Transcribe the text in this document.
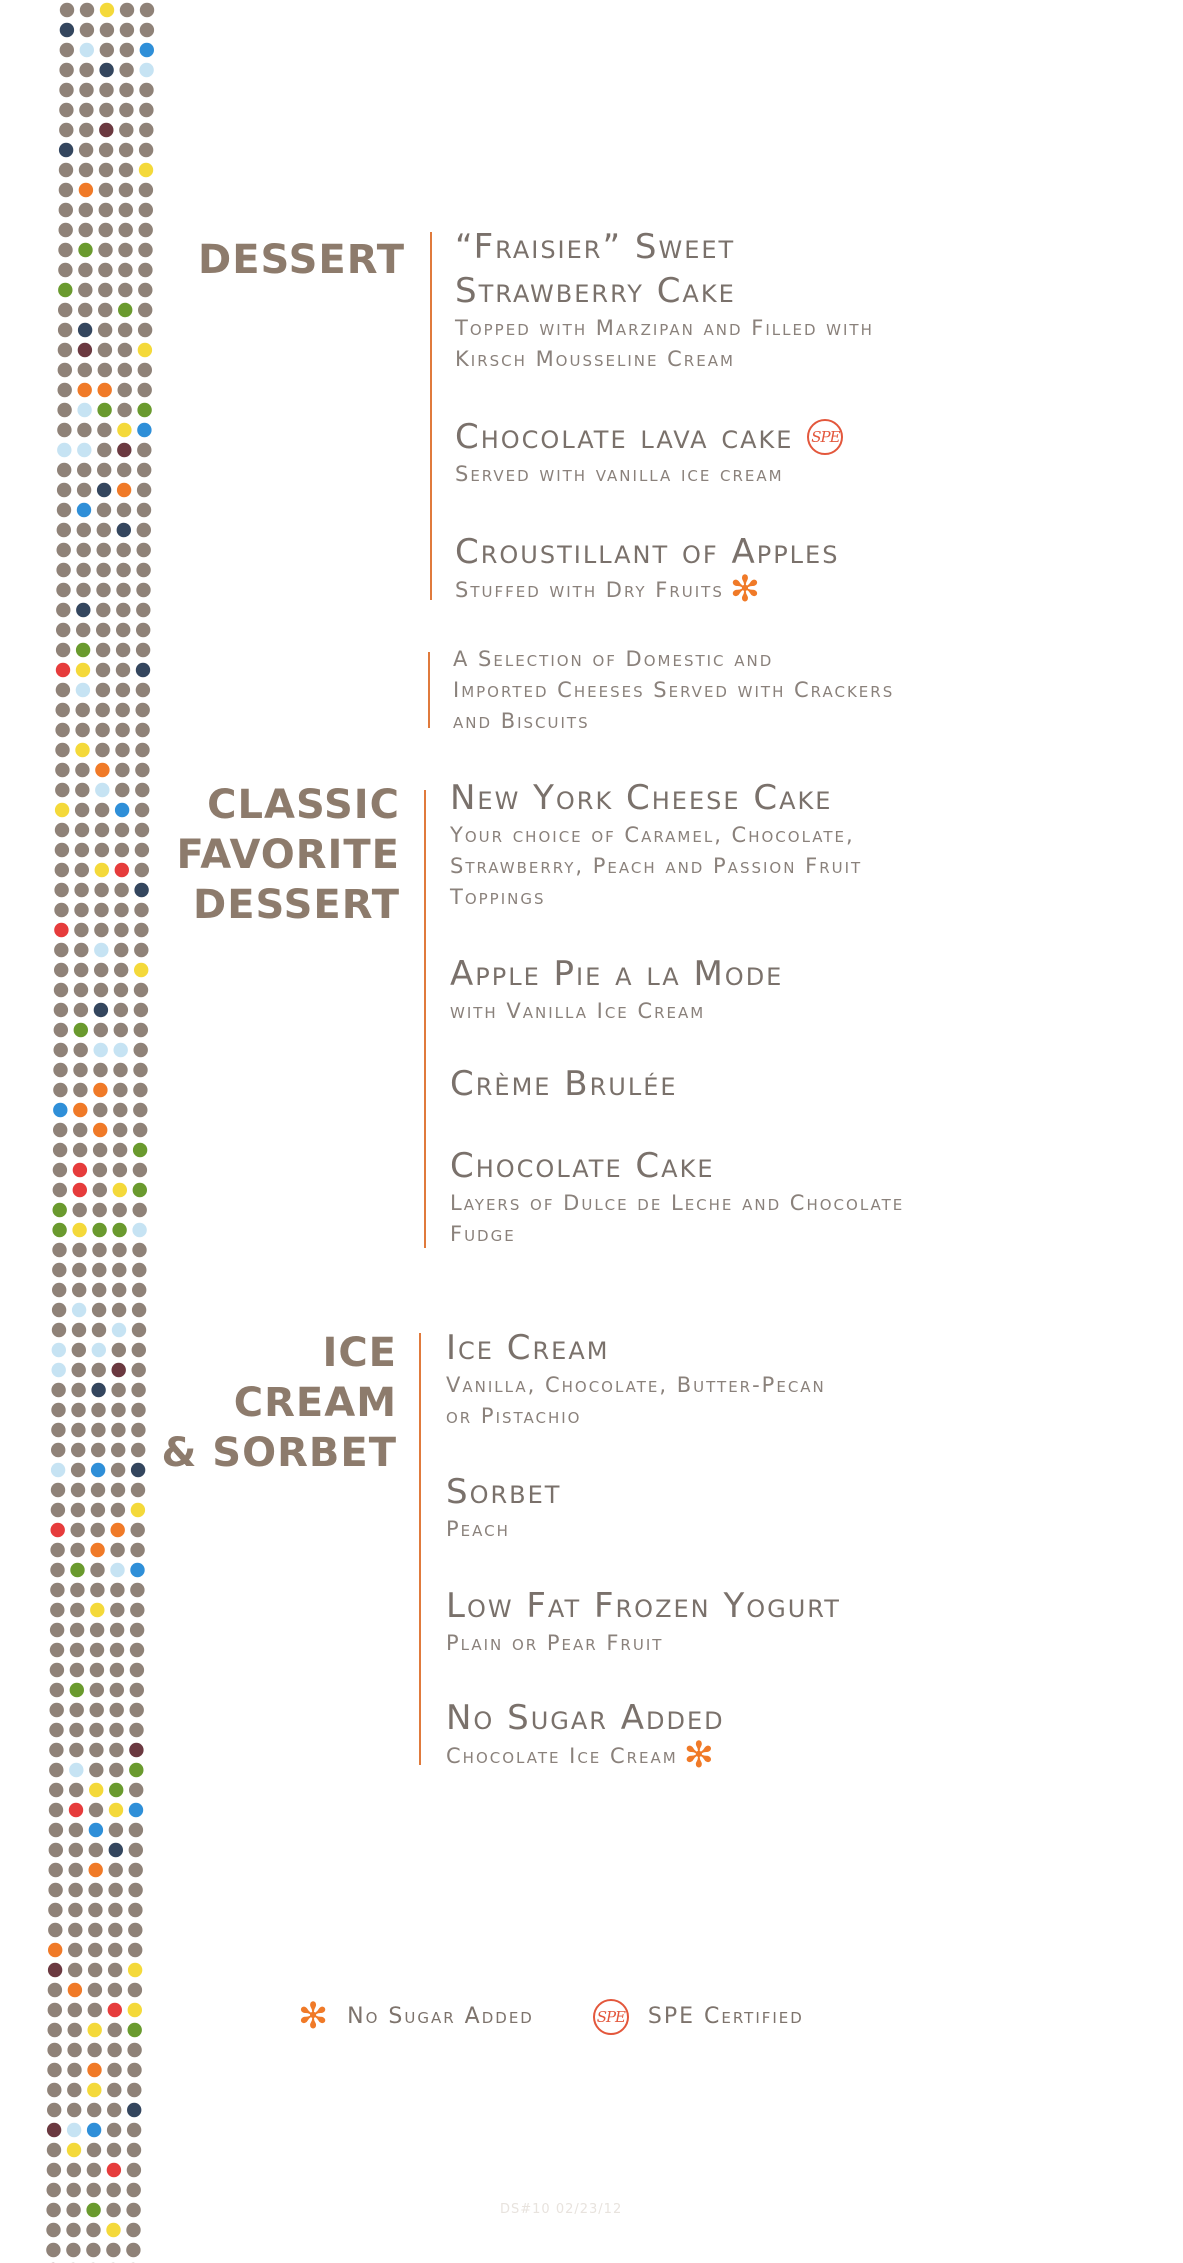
DESSERT “Fraisier” Sweet
Strawberry Cake
Topped with Marzipan and Filled with
Kirsch Mousseline Cream
Chocolate lava cake SPE
Served with vanilla ice cream
Croustillant of Apples
Stuffed with Dry Fruits ✻
A Selection of Domestic and
Imported Cheeses Served with Crackers
and Biscuits
CLASSIC
FAVORITE
DESSERT
New York Cheese Cake
Your choice of Caramel, Chocolate,
Strawberry, Peach and Passion Fruit
Toppings
Apple Pie a la Mode
with Vanilla Ice Cream
Crème Brulée
Chocolate Cake
Layers of Dulce de Leche and Chocolate
Fudge
ICE
CREAM
& SORBET
Ice Cream
Vanilla, Chocolate, Butter-Pecan
or Pistachio
Sorbet
Peach
Low Fat Frozen Yogurt
Plain or Pear Fruit
No Sugar Added
Chocolate Ice Cream ✻
✻ No Sugar Added	SPE SPE Certified
DS#10 02/23/12
